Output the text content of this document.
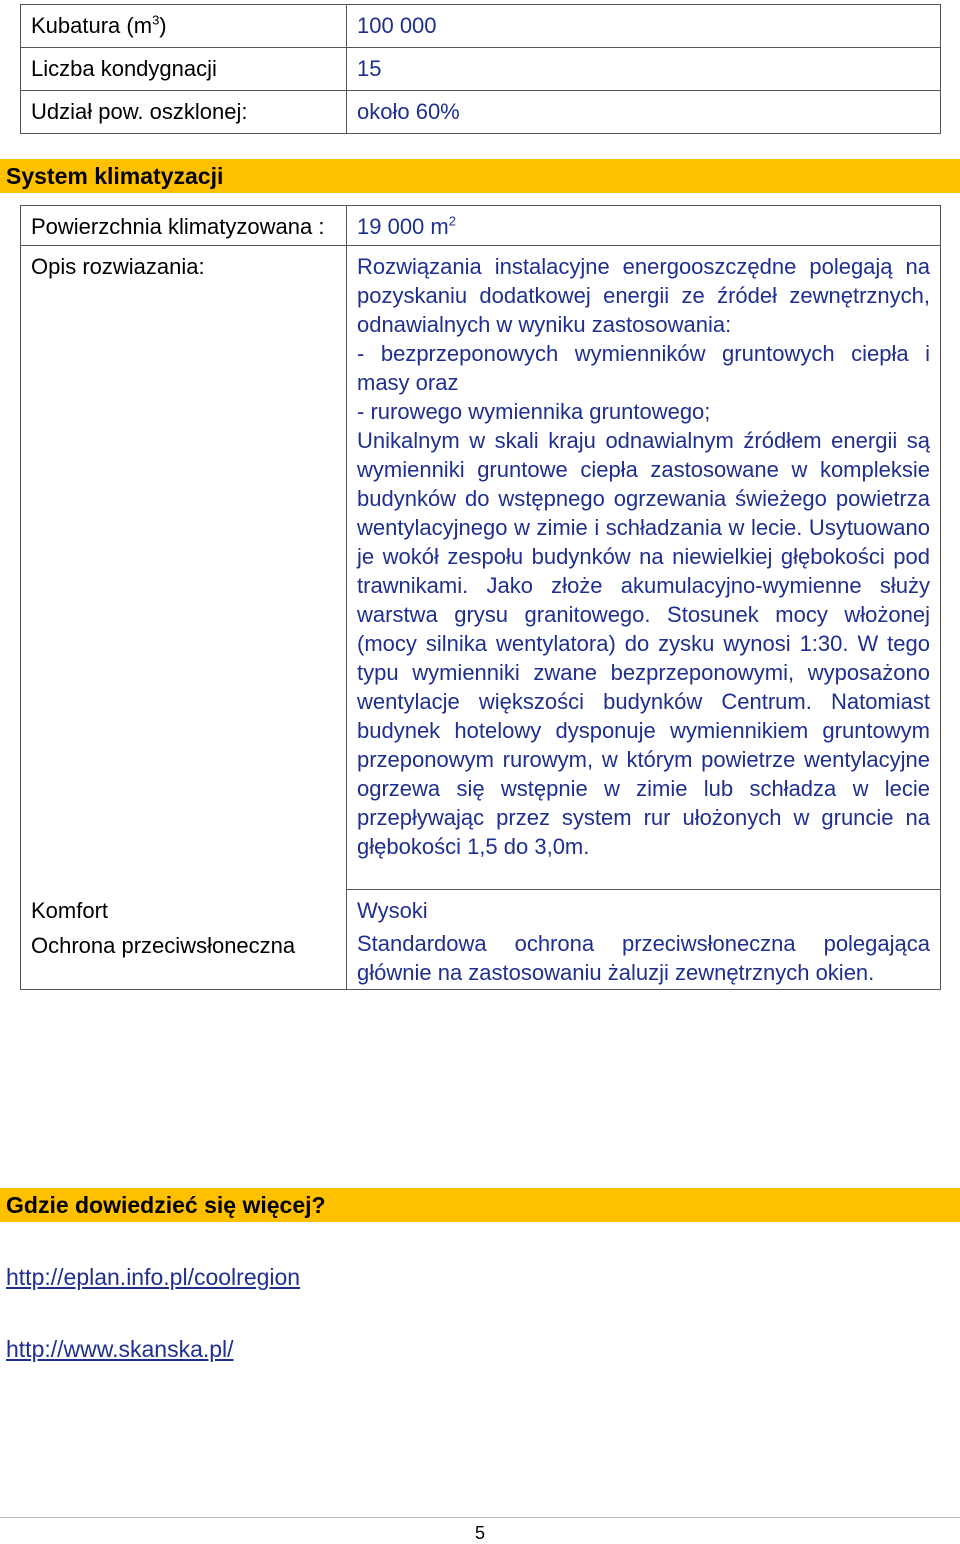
Kubatura $(m^3)$	100 000
Liczba kondygnacji	15
Udział pow. oszklonej:	około 60%
System klimatyzacji
Powierzchnia klimatyzowana :	19 000 $m^2$
Opis rozwiazania:	Rozwiązania instalacyjne energooszczędne polegają na pozyskaniu dodatkowej energii ze źródeł zewnętrznych, odnawialnych w wyniku zastosowania:

- bezprzeponowych wymienników gruntowych ciepła i masy oraz

- rurowego wymiennika gruntowego;

Unikalnym w skali kraju odnawialnym źródłem energii są wymienniki gruntowe ciepła zastosowane w kompleksie budynków do wstępnego ogrzewania świeżego powietrza wentylacyjnego w zimie i schładzania w lecie. Usytuowano je wokół zespołu budynków na niewielkiej głębokości pod trawnikami. Jako złoże akumulacyjno-wymienne służy warstwa grysu granitowego. Stosunek mocy włożonej (mocy silnika wentylatora) do zysku wynosi 1:30. W tego typu wymienniki zwane bezprzeponowymi, wyposażono wentylacje większości budynków Centrum. Natomiast budynek hotelowy dysponuje wymiennikiem gruntowym przeponowym rurowym, w którym powietrze wentylacyjne ogrzewa się wstępnie w zimie lub schładza w lecie przepływając przez system rur ułożonych w gruncie na głębokości 1,5 do 3,0m.

Komfort	Wysoki
Ochrona przeciwsłoneczna	Standardowa ochrona przeciwsłoneczna polegająca głównie na zastosowaniu żaluzji zewnętrznych okien.

Gdzie dowiedzieć się więcej?
http://eplan.info.pl/coolregion
http://www.skanska.pl/
5
